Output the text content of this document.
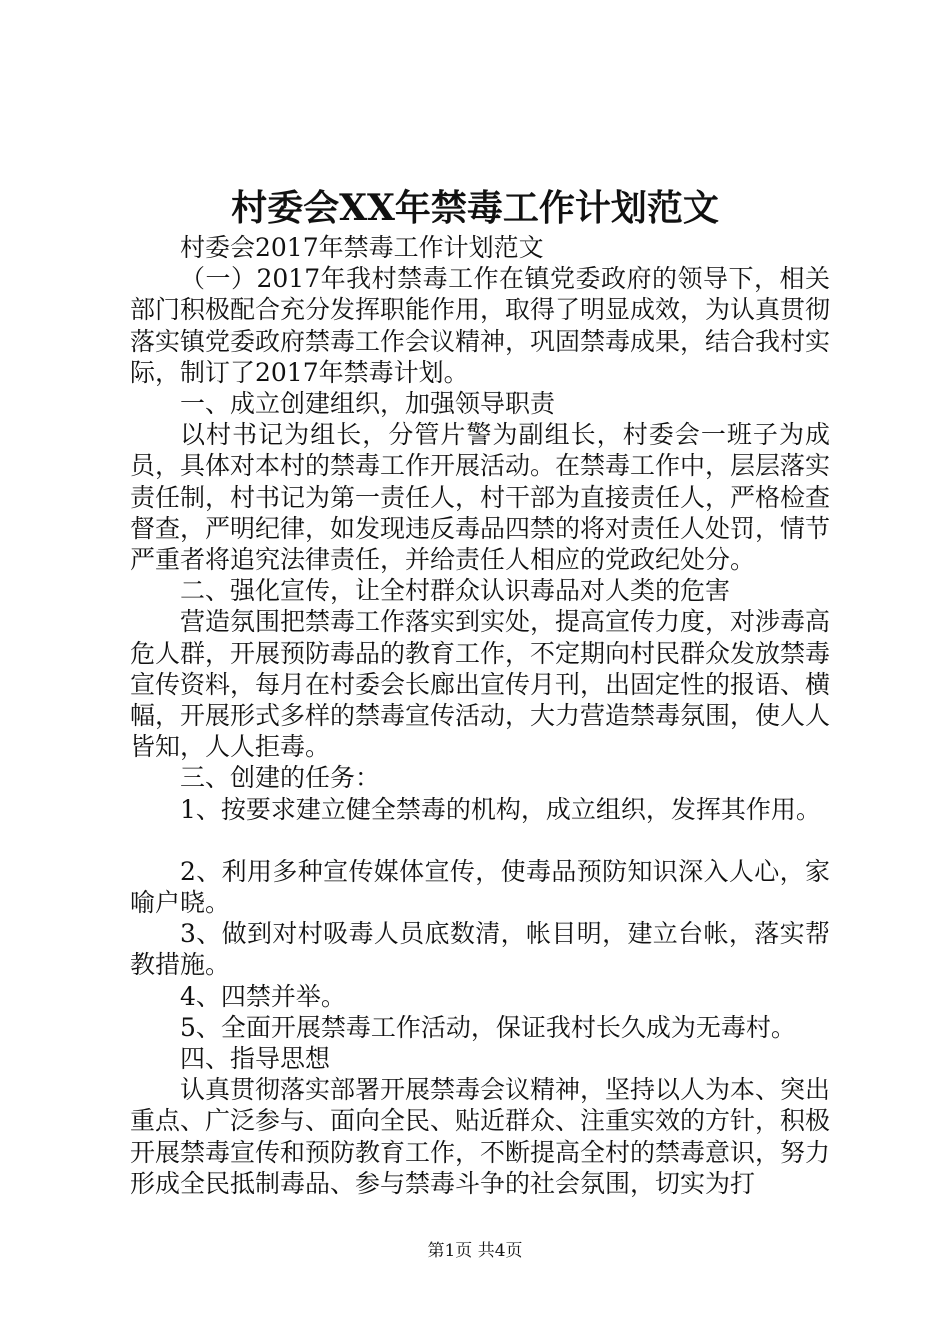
村委会XX年禁毒工作计划范文

村委会2017年禁毒工作计划范文

（一）2017年我村禁毒工作在镇党委政府的领导下，相关部门积极配合充分发挥职能作用，取得了明显成效，为认真贯彻落实镇党委政府禁毒工作会议精神，巩固禁毒成果，结合我村实际，制订了2017年禁毒计划。

一、成立创建组织，加强领导职责

以村书记为组长，分管片警为副组长，村委会一班子为成员，具体对本村的禁毒工作开展活动。在禁毒工作中，层层落实责任制，村书记为第一责任人，村干部为直接责任人，严格检查督查，严明纪律，如发现违反毒品四禁的将对责任人处罚，情节严重者将追究法律责任，并给责任人相应的党政纪处分。

二、强化宣传，让全村群众认识毒品对人类的危害

营造氛围把禁毒工作落实到实处，提高宣传力度，对涉毒高危人群，开展预防毒品的教育工作，不定期向村民群众发放禁毒宣传资料，每月在村委会长廊出宣传月刊，出固定性的报语、横幅，开展形式多样的禁毒宣传活动，大力营造禁毒氛围，使人人皆知，人人拒毒。

三、创建的任务：

1、按要求建立健全禁毒的机构，成立组织，发挥其作用。

2、利用多种宣传媒体宣传，使毒品预防知识深入人心，家喻户晓。

3、做到对村吸毒人员底数清，帐目明，建立台帐，落实帮教措施。

4、四禁并举。

5、全面开展禁毒工作活动，保证我村长久成为无毒村。

四、指导思想

认真贯彻落实部署开展禁毒会议精神，坚持以人为本、突出重点、广泛参与、面向全民、贴近群众、注重实效的方针，积极开展禁毒宣传和预防教育工作，不断提高全村的禁毒意识，努力形成全民抵制毒品、参与禁毒斗争的社会氛围，切实为打

第1页 共4页
